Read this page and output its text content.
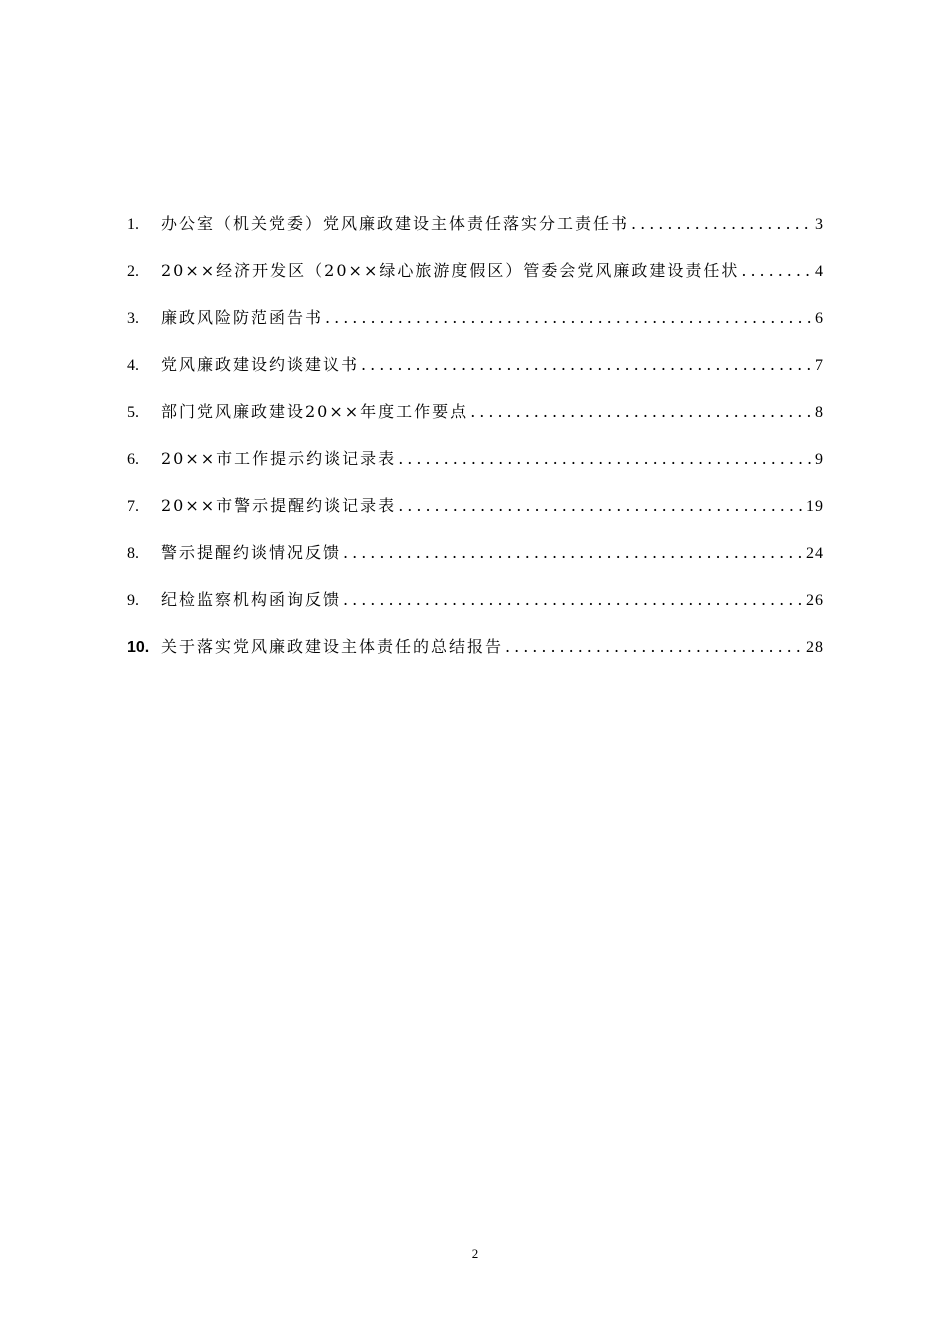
1.	办公室（机关党委）党风廉政建设主体责任落实分工责任书 .....	3
2.	20××经济开发区（20××绿心旅游度假区）管委会党风廉政建设责任状 .....	4
3.	廉政风险防范函告书 .....	6
4.	党风廉政建设约谈建议书 .....	7
5.	部门党风廉政建设20××年度工作要点 .....	8
6.	20××市工作提示约谈记录表 .....	9
7.	20××市警示提醒约谈记录表 .....	19
8.	警示提醒约谈情况反馈 .....	24
9.	纪检监察机构函询反馈 .....	26
10. 关于落实党风廉政建设主体责任的总结报告 .....	28
2
